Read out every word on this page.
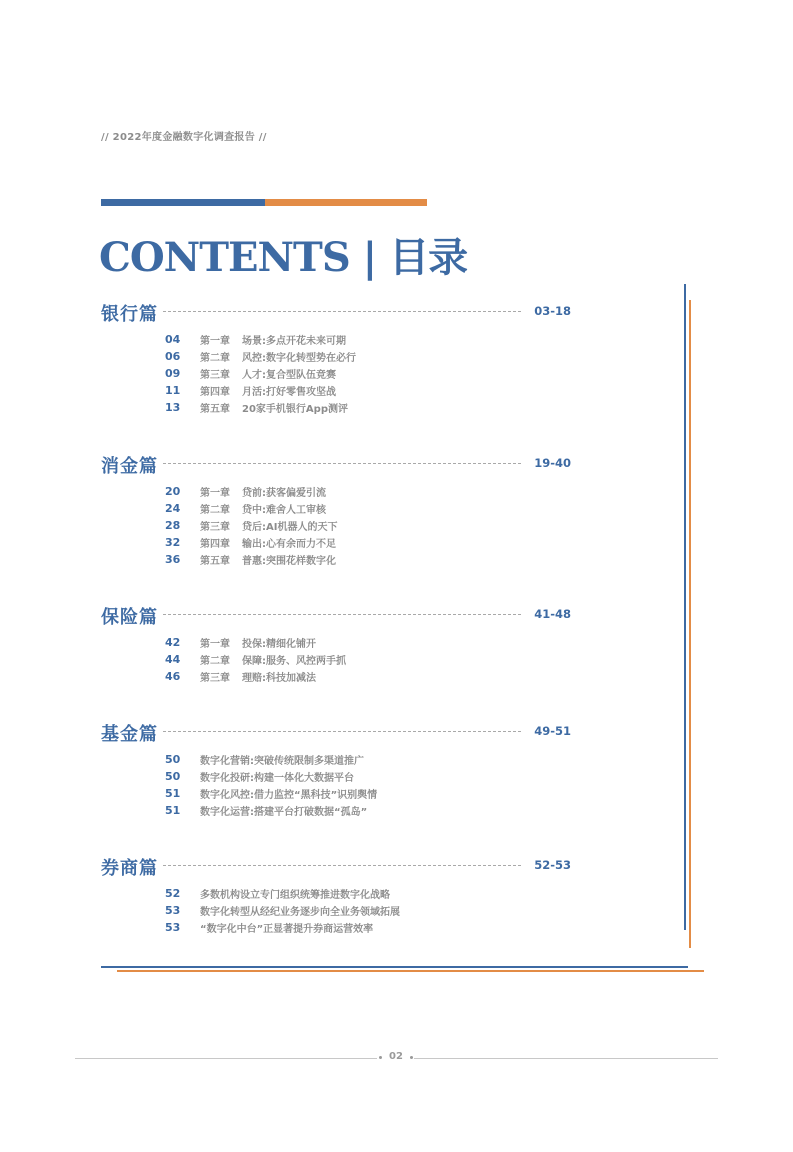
// 2022年度金融数字化调查报告 //
CONTENTS | 目录
银行篇	03-18
04	第一章	场景:多点开花未来可期
06	第二章	风控:数字化转型势在必行
09	第三章	人才:复合型队伍竞赛
11	第四章	月活:打好零售攻坚战
13	第五章	20家手机银行App测评
消金篇	19-40
20	第一章	贷前:获客偏爱引流
24	第二章	贷中:难舍人工审核
28	第三章	贷后:AI机器人的天下
32	第四章	输出:心有余而力不足
36	第五章	普惠:突围花样数字化
保险篇	41-48
42	第一章	投保:精细化铺开
44	第二章	保障:服务、风控两手抓
46	第三章	理赔:科技加减法
基金篇	49-51
50	数字化营销:突破传统限制多渠道推广
50	数字化投研:构建一体化大数据平台
51	数字化风控:借力监控“黑科技”识别舆情
51	数字化运营:搭建平台打破数据“孤岛”
券商篇	52-53
52	多数机构设立专门组织统筹推进数字化战略
53	数字化转型从经纪业务逐步向全业务领域拓展
53	“数字化中台”正显著提升券商运营效率
02
